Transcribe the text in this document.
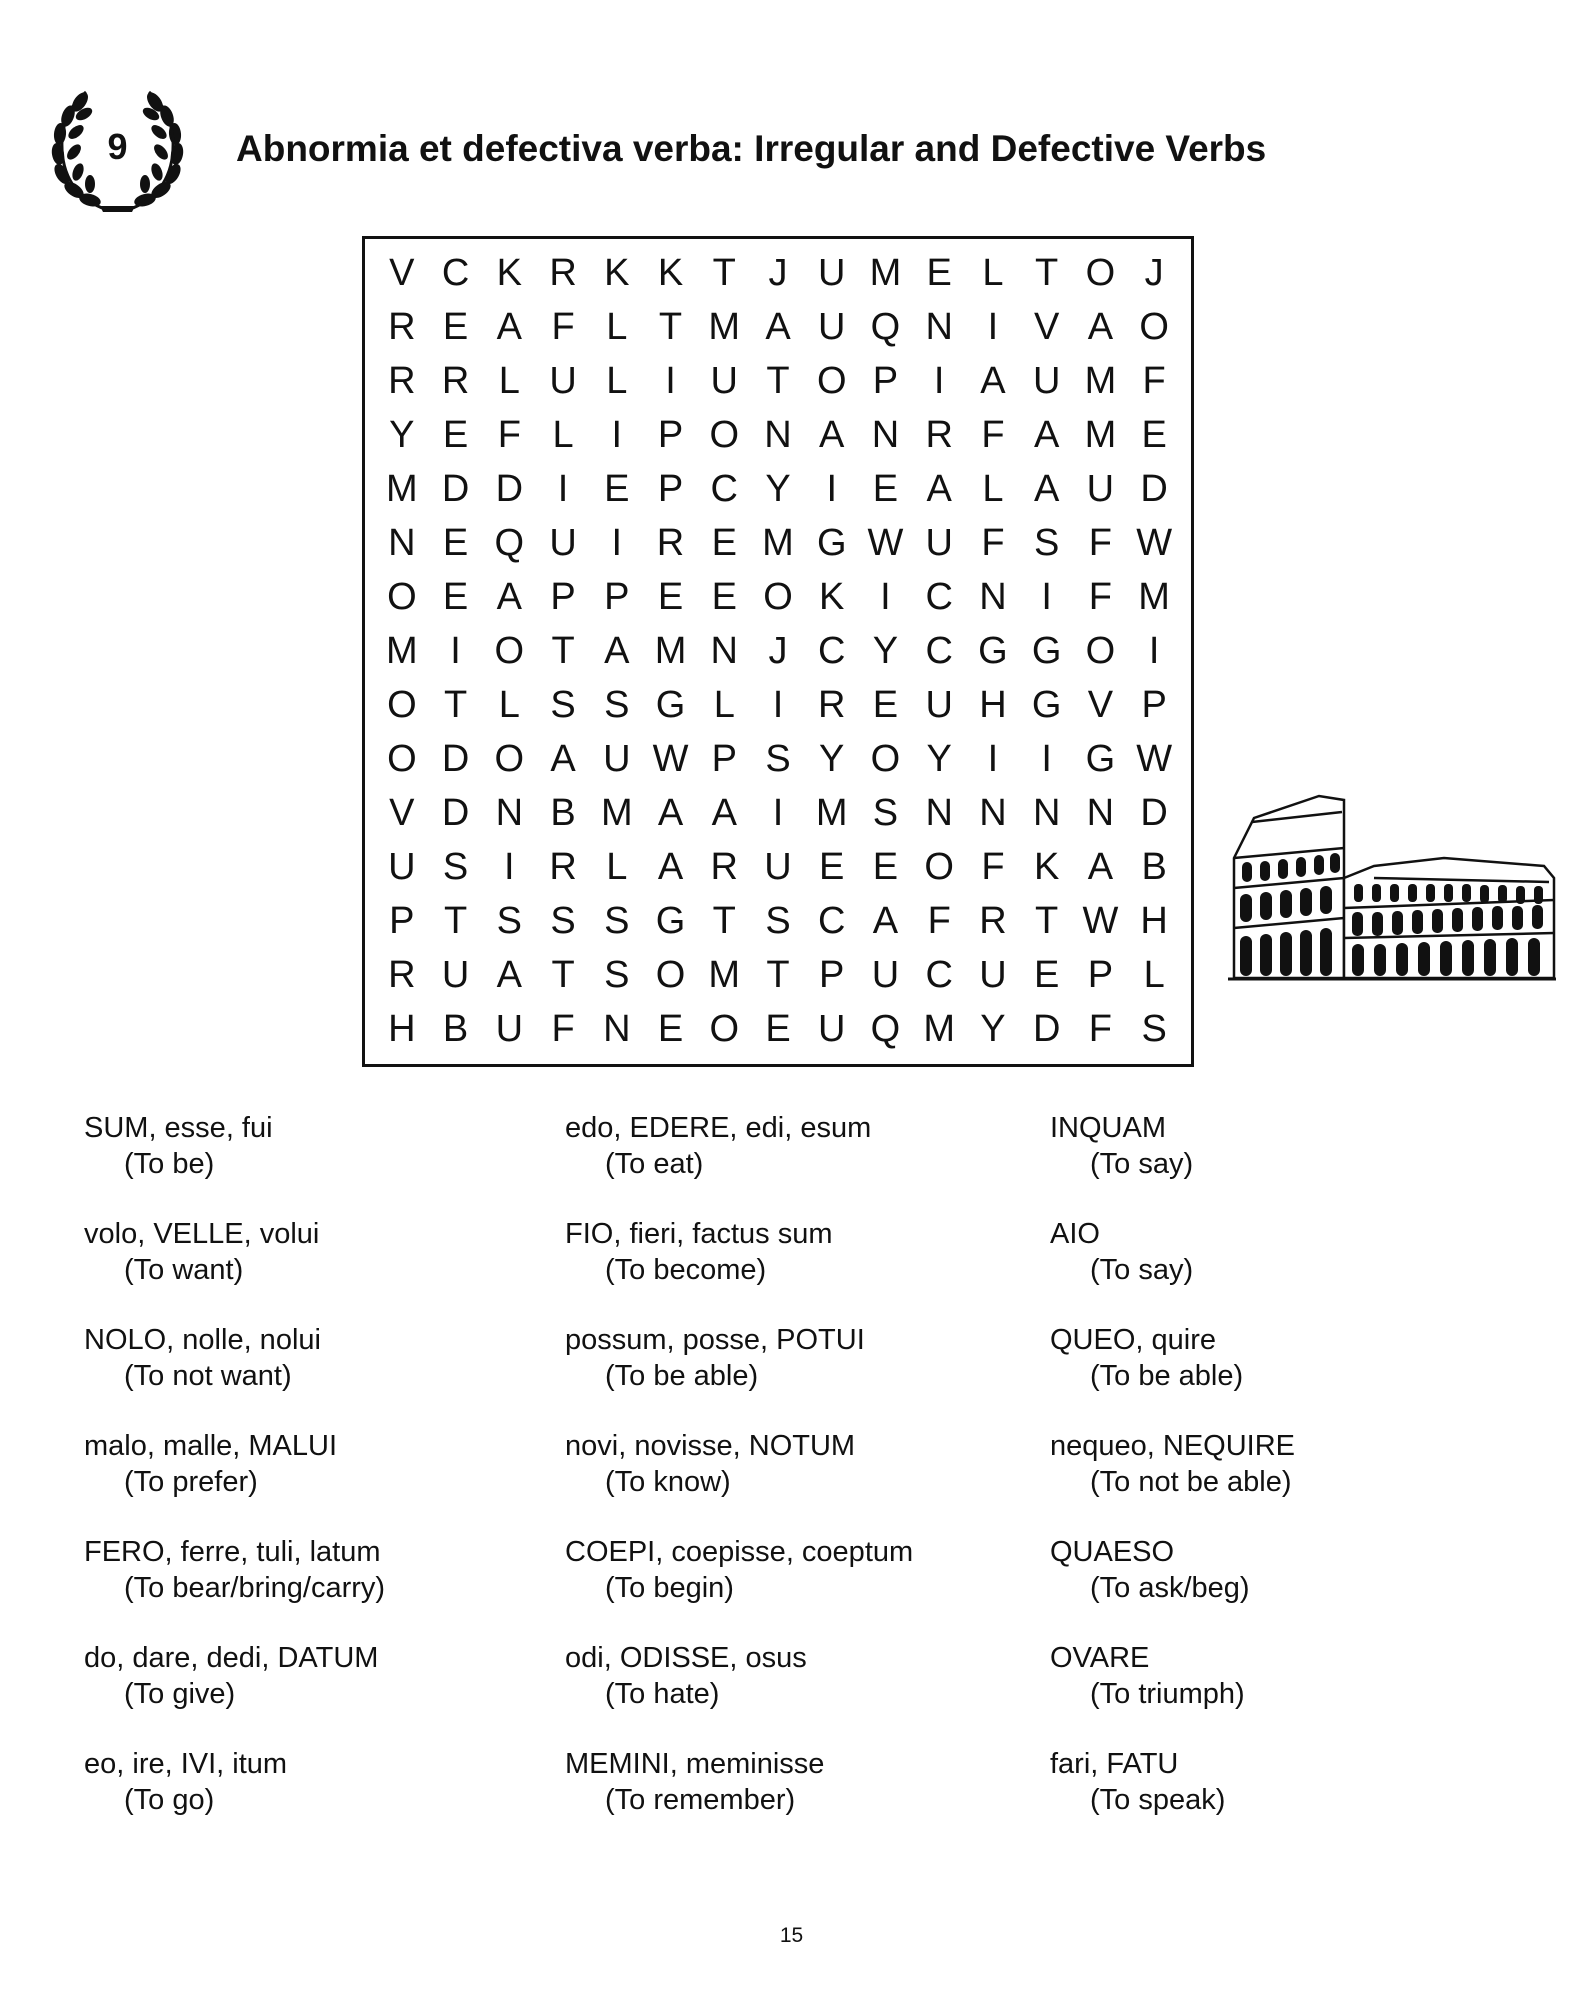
9	Abnormia et defectiva verba: Irregular and Defective Verbs
V C K R K K T J U M E L T O J
R E A F L T M A U Q N I V A O
R R L U L I U T O P I A U M F
Y E F L I P O N A N R F A M E
M D D I E P C Y I E A L A U D
N E Q U I R E M G W U F S F W
O E A P P E E O K I C N I F M
M I O T A M N J C Y C G G O I
O T L S S G L I R E U H G V P
O D O A U W P S Y O Y I	I G W
V D N B M A A I M S N N N N D
U S I R L A R U E E O F K A B
P T S S S G T S C A F R T W H
R U A T S O M T P U C U E P L
H B U F N E O E U Q M Y D F S
SUM, esse, fui
(To be)
volo, VELLE, volui
(To want)
NOLO, nolle, nolui
(To not want)
malo, malle, MALUI
(To prefer)
FERO, ferre, tuli, latum
(To bear/bring/carry)
do, dare, dedi, DATUM
(To give)
eo, ire, IVI, itum
(To go)
edo, EDERE, edi, esum
(To eat)
FIO, fieri, factus sum
(To become)
possum, posse, POTUI
(To be able)
novi, novisse, NOTUM
(To know)
COEPI, coepisse, coeptum
(To begin)
odi, ODISSE, osus
(To hate)
MEMINI, meminisse
(To remember)
INQUAM
(To say)
AIO
(To say)
QUEO, quire
(To be able)
nequeo, NEQUIRE
(To not be able)
QUAESO
(To ask/beg)
OVARE
(To triumph)
fari, FATU
(To speak)
15
